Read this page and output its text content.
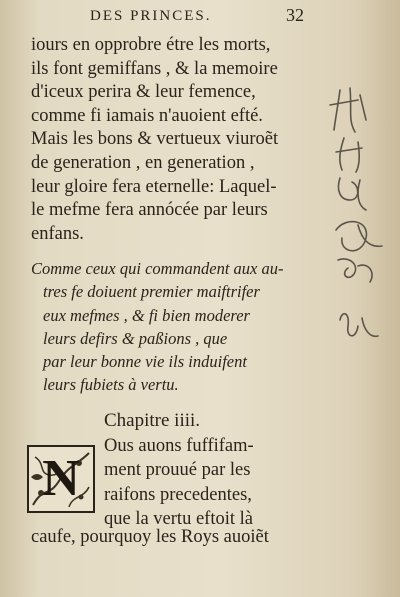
DES PRINCES.	32
iours en opprobre étre les morts,
ils font gemiffans , & la memoire
d'iceux perira & leur femence,
comme fi iamais n'auoient efté.
Mais les bons & vertueux viuroẽt
de generation , en generation ,
leur gloire fera eternelle: Laquel-
le mefme fera annócée par leurs
enfans.
Comme ceux qui commandent aux au-
tres fe doiuent premier maiftrifer
eux mefmes , & fi bien moderer
leurs defirs & paßions , que
par leur bonne vie ils induifent
leurs fubiets à vertu.
Chapitre iiii.
N
Ous auons fuffifam-
ment prouué par les
raifons precedentes,
que la vertu eftoit là
caufe, pourquoy les Roys auoiẽt
